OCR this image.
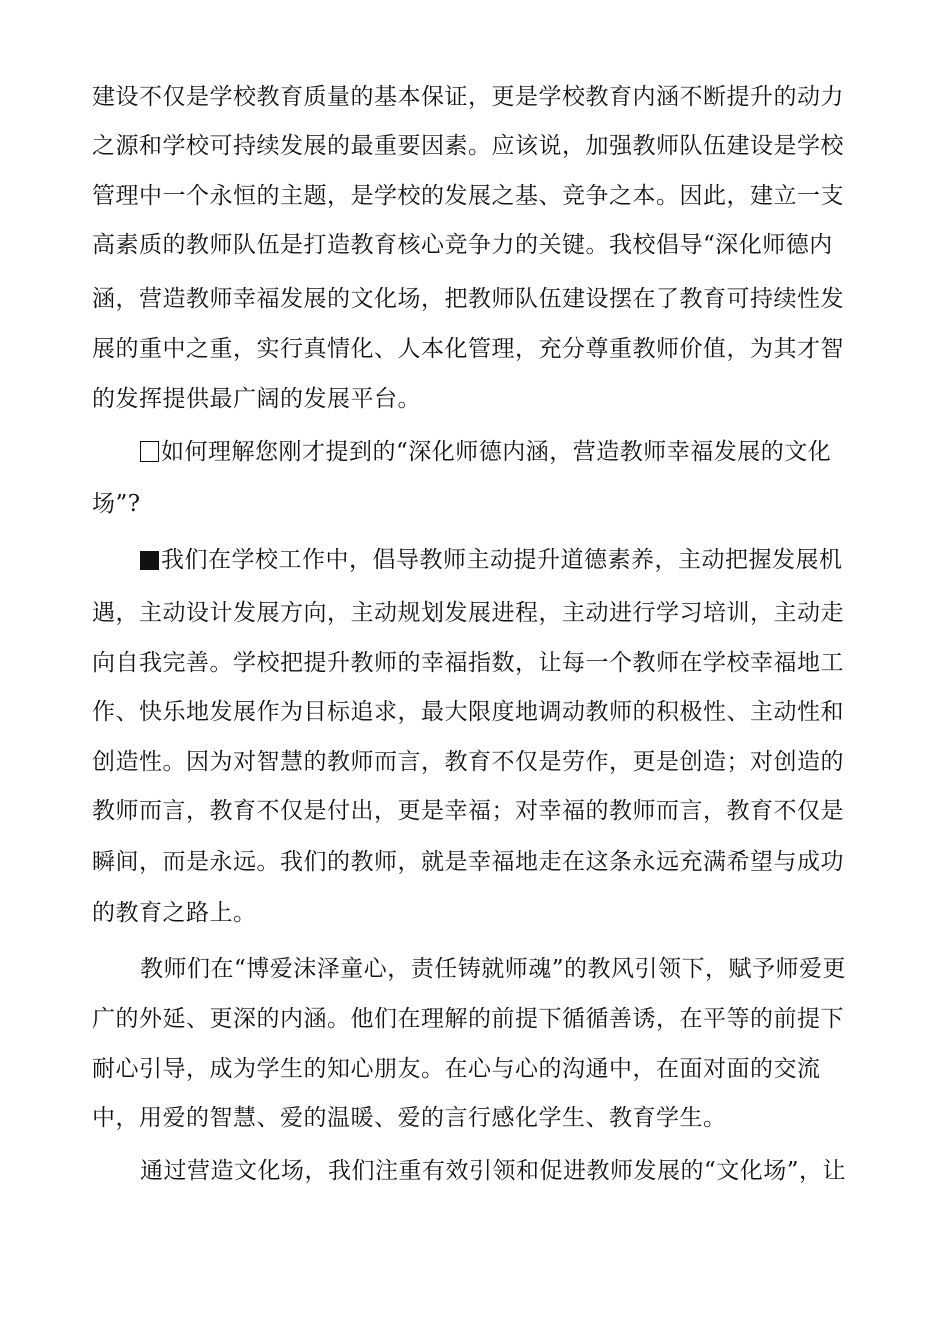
建设不仅是学校教育质量的基本保证，更是学校教育内涵不断提升的动力
之源和学校可持续发展的最重要因素。应该说，加强教师队伍建设是学校
管理中一个永恒的主题，是学校的发展之基、竞争之本。因此，建立一支
高素质的教师队伍是打造教育核心竞争力的关键。我校倡导“深化师德内
涵，营造教师幸福发展的文化场，把教师队伍建设摆在了教育可持续性发
展的重中之重，实行真情化、人本化管理，充分尊重教师价值，为其才智
的发挥提供最广阔的发展平台。
如何理解您刚才提到的“深化师德内涵，营造教师幸福发展的文化
场”?
我们在学校工作中，倡导教师主动提升道德素养，主动把握发展机
遇，主动设计发展方向，主动规划发展进程，主动进行学习培训，主动走
向自我完善。学校把提升教师的幸福指数，让每一个教师在学校幸福地工
作、快乐地发展作为目标追求，最大限度地调动教师的积极性、主动性和
创造性。因为对智慧的教师而言，教育不仅是劳作，更是创造；对创造的
教师而言，教育不仅是付出，更是幸福；对幸福的教师而言，教育不仅是
瞬间，而是永远。我们的教师，就是幸福地走在这条永远充满希望与成功
的教育之路上。
教师们在“博爱沫泽童心，责任铸就师魂”的教风引领下，赋予师爱更
广的外延、更深的内涵。他们在理解的前提下循循善诱，在平等的前提下
耐心引导，成为学生的知心朋友。在心与心的沟通中，在面对面的交流
中，用爱的智慧、爱的温暖、爱的言行感化学生、教育学生。
通过营造文化场，我们注重有效引领和促进教师发展的“文化场”，让
